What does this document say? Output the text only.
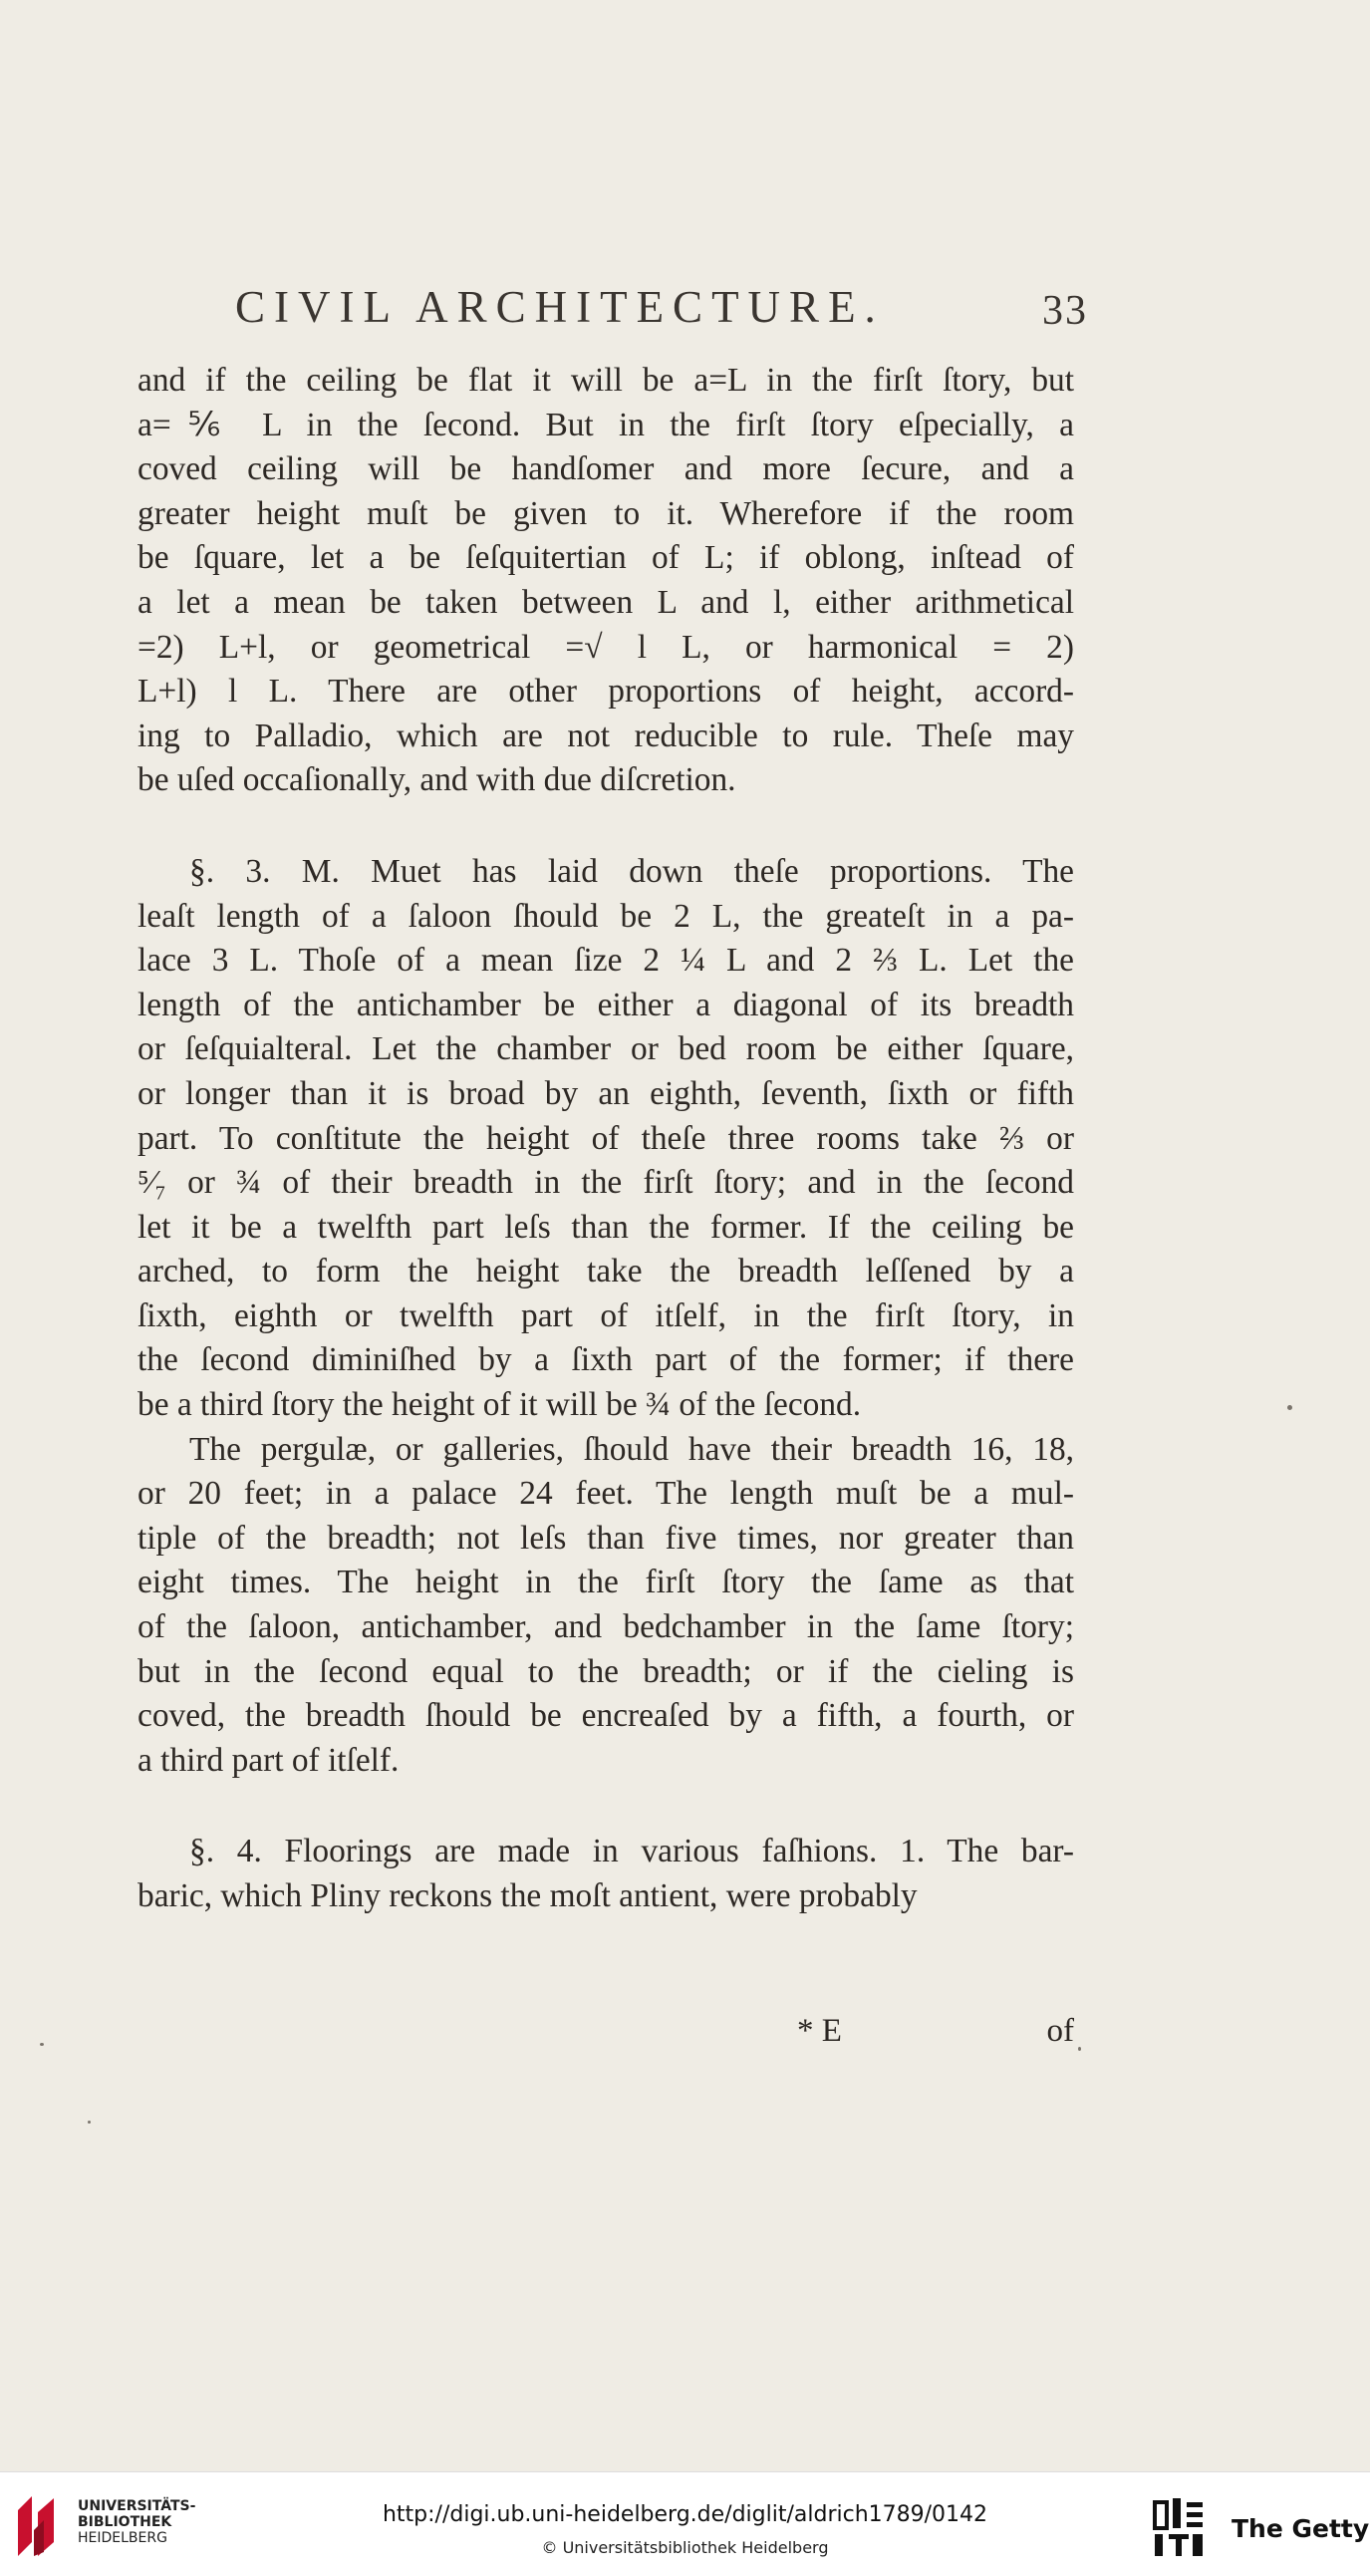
CIVIL ARCHITECTURE.	33
and if the ceiling be flat it will be a=L in the firſt ſtory, but
a=⅚ L in the ſecond. But in the firſt ſtory eſpecially, a
coved ceiling will be handſomer and more ſecure, and a
greater height muſt be given to it. Wherefore if the room
be ſquare, let a be ſeſquitertian of L; if oblong, inſtead of
a let a mean be taken between L and l, either arithmetical
=2) L+l, or geometrical =√ l L, or harmonical = 2)
L+l) l L. There are other proportions of height, accord-
ing to Palladio, which are not reducible to rule. Theſe may
be uſed occaſionally, and with due diſcretion.
§. 3. M. Muet has laid down theſe proportions. The
leaſt length of a ſaloon ſhould be 2 L, the greateſt in a pa-
lace 3 L. Thoſe of a mean ſize 2 ¼ L and 2 ⅔ L. Let the
length of the antichamber be either a diagonal of its breadth
or ſeſquialteral. Let the chamber or bed room be either ſquare,
or longer than it is broad by an eighth, ſeventh, ſixth or fifth
part. To conſtitute the height of theſe three rooms take ⅔ or
⁵⁄₇ or ¾ of their breadth in the firſt ſtory; and in the ſecond
let it be a twelfth part leſs than the former. If the ceiling be
arched, to form the height take the breadth leſſened by a
ſixth, eighth or twelfth part of itſelf, in the firſt ſtory, in
the ſecond diminiſhed by a ſixth part of the former; if there
be a third ſtory the height of it will be ¾ of the ſecond.
The pergulæ, or galleries, ſhould have their breadth 16, 18,
or 20 feet; in a palace 24 feet. The length muſt be a mul-
tiple of the breadth; not leſs than five times, nor greater than
eight times. The height in the firſt ſtory the ſame as that
of the ſaloon, antichamber, and bedchamber in the ſame ſtory;
but in the ſecond equal to the breadth; or if the cieling is
coved, the breadth ſhould be encreaſed by a fifth, a fourth, or
a third part of itſelf.
§. 4. Floorings are made in various faſhions. 1. The bar-
baric, which Pliny reckons the moſt antient, were probably
* E	of
UNIVERSITÄTS-
BIBLIOTHEK
HEIDELBERG
http://digi.ub.uni-heidelberg.de/diglit/aldrich1789/0142
© Universitätsbibliothek Heidelberg
The Getty
